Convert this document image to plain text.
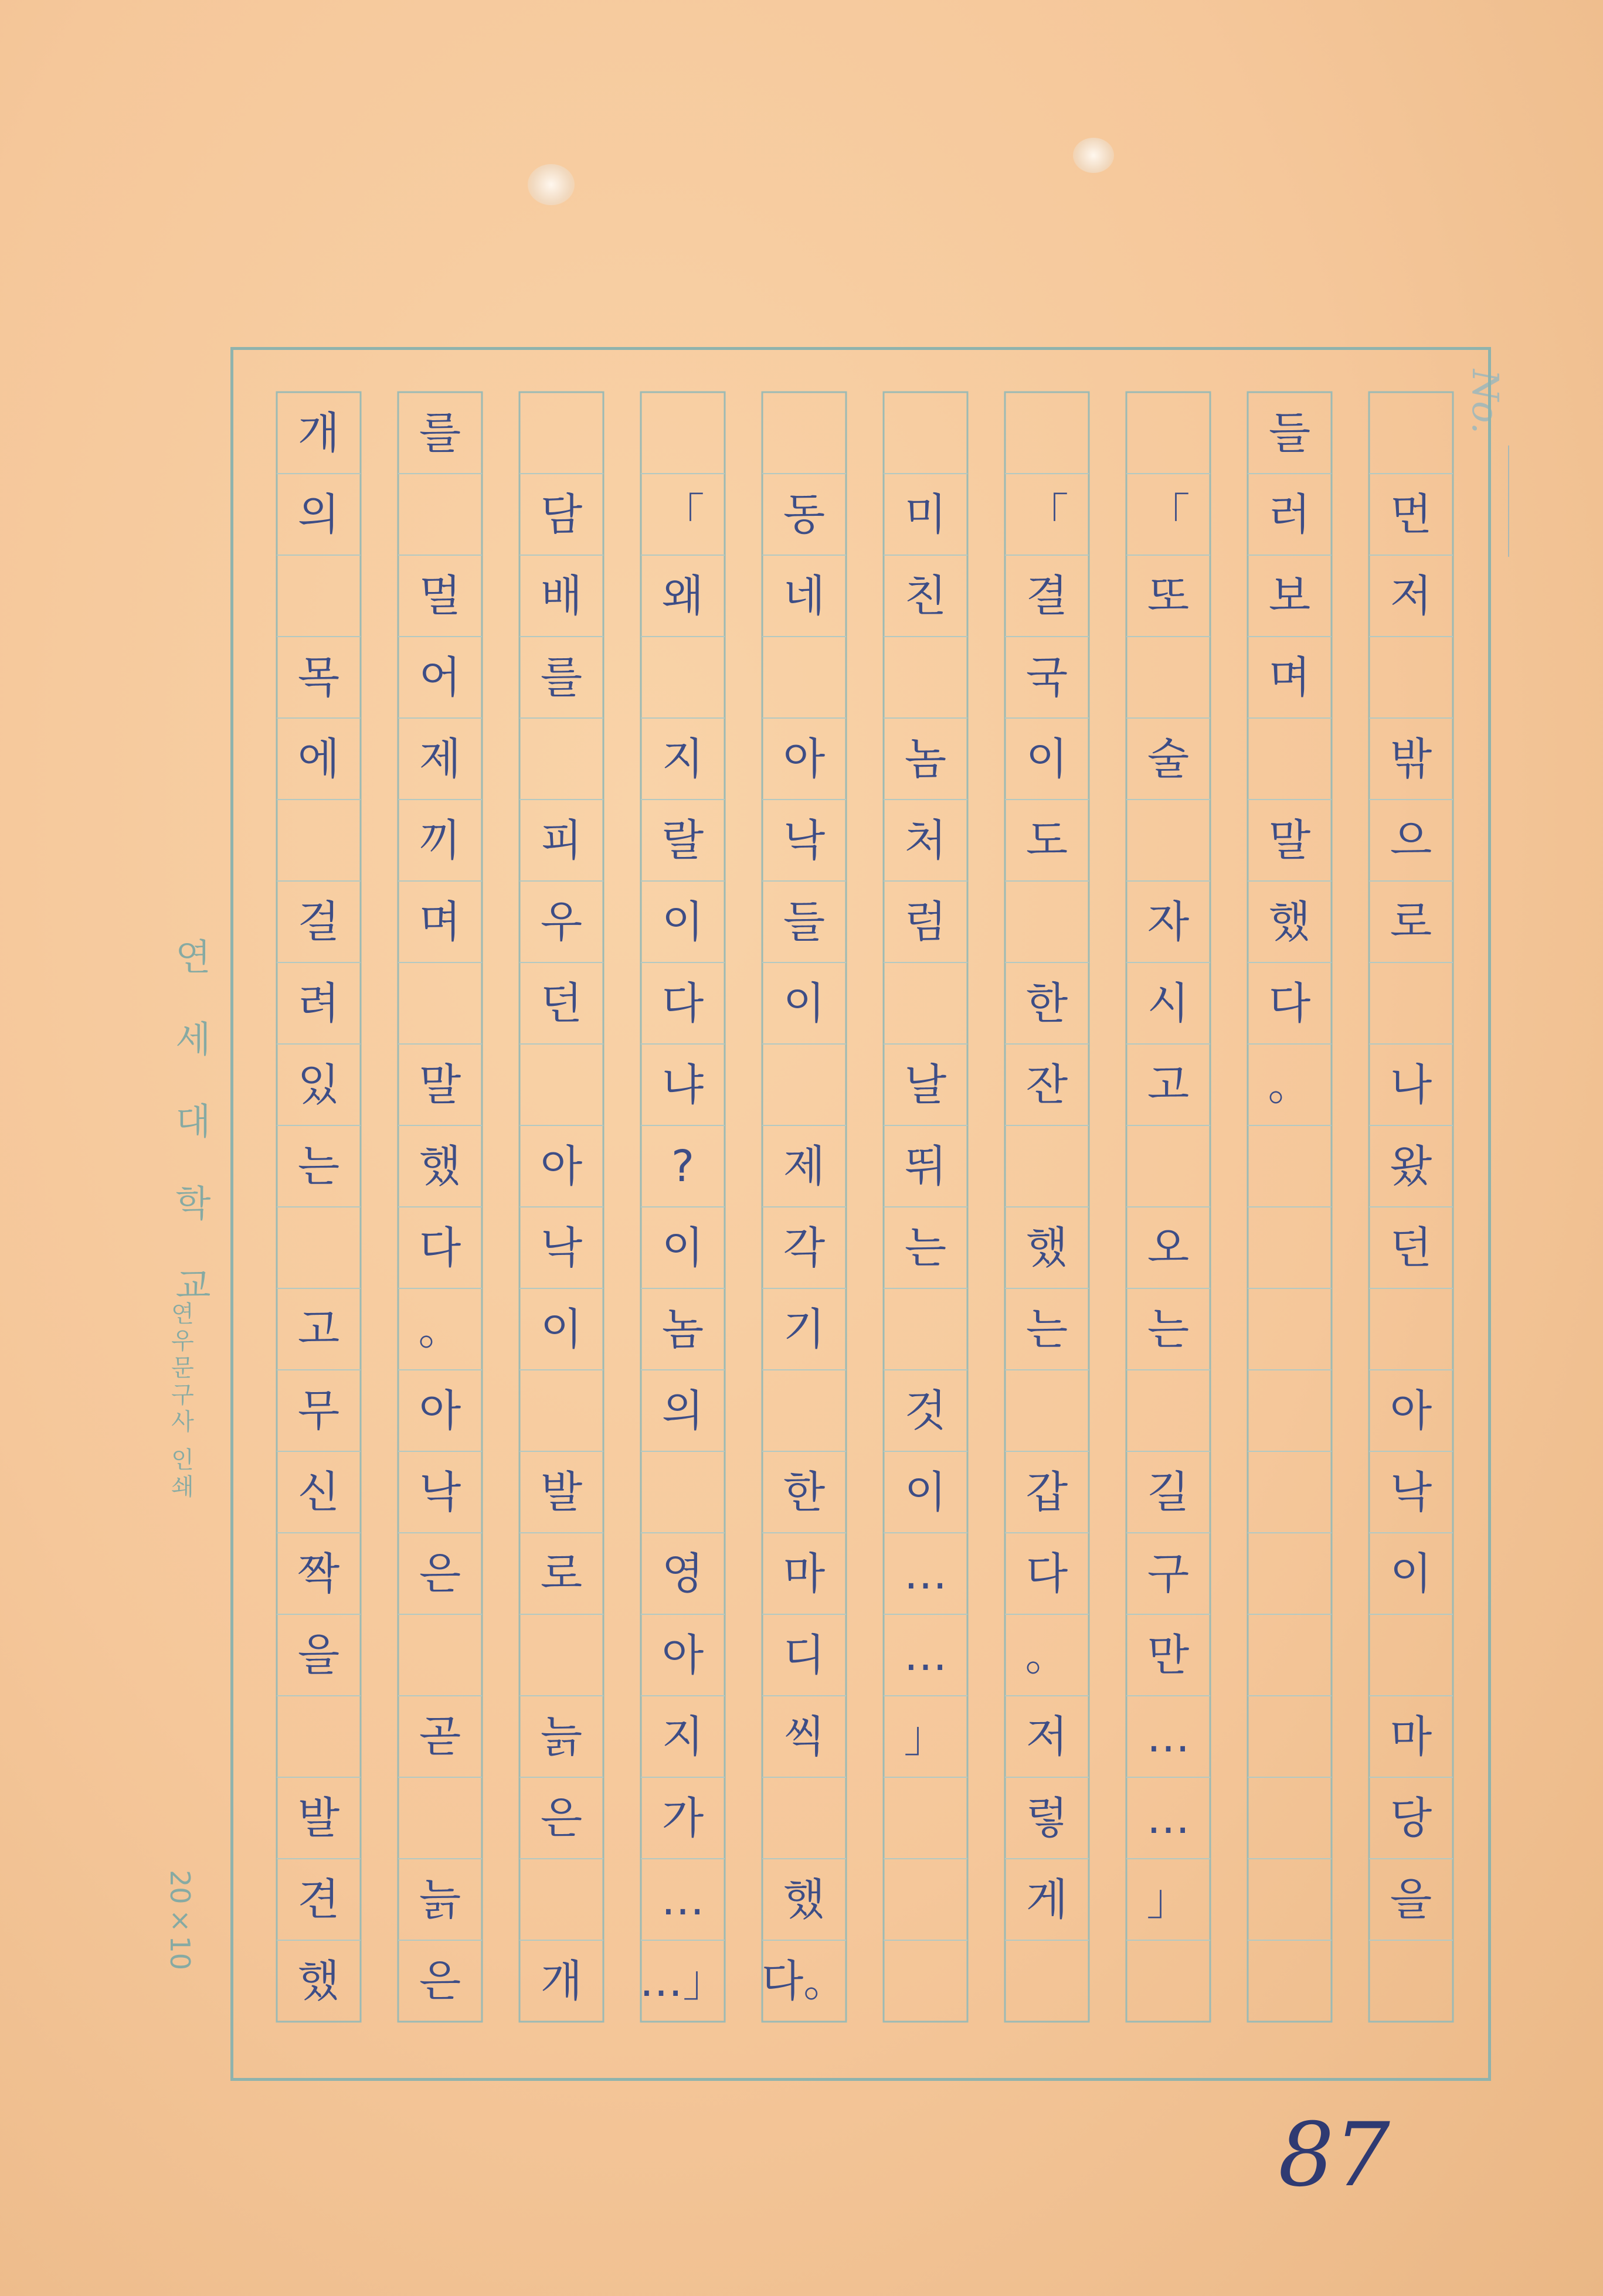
No.
먼
저
밖
으
로
나
왔
던
아
낙
이
마
당
을
들
러
보
며
말
했
다
。
「
또
술
자
시
고
오
는
길
구
만
…
…
」
「
결
국
이
도
한
잔
했
는
갑
다
。
저
렇
게
미
친
놈
처
럼
날
뛰
는
것
이
…
…
」
동
네
아
낙
들
이
제
각
기
한
마
디
씩
했
다。
「
왜
지
랄
이
다
냐
?
이
놈
의
영
아
지
가
…
…」
담
배
를
피
우
던
아
낙
이
발
로
늙
은
개
를
멀
어
제
끼
며
말
했
다
。
아
낙
은
곧
늙
은
개
의
목
에
걸
려
있
는
고
무
신
짝
을
발
견
했
연세대학교
연우문구사 인쇄
20×10
87
